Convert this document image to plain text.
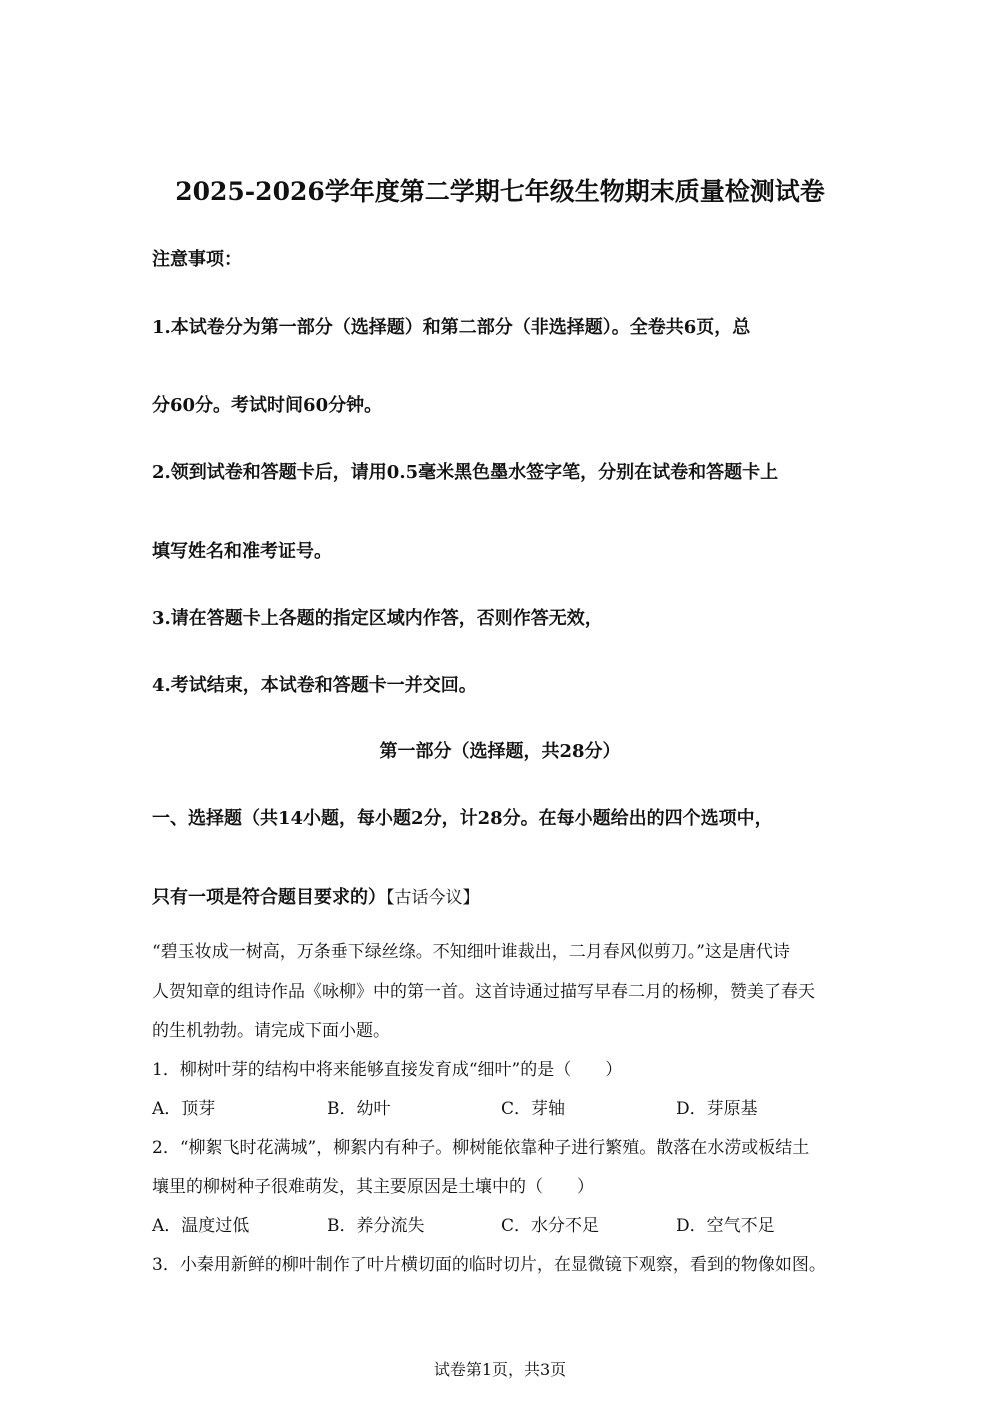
2025-2026学年度第二学期七年级生物期末质量检测试卷
注意事项：
1.本试卷分为第一部分（选择题）和第二部分（非选择题）。全卷共6页，总
分60分。考试时间60分钟。
2.领到试卷和答题卡后，请用0.5毫米黑色墨水签字笔，分别在试卷和答题卡上
填写姓名和准考证号。
3.请在答题卡上各题的指定区域内作答，否则作答无效，
4.考试结束，本试卷和答题卡一并交回。
第一部分（选择题，共28分）
一、选择题（共14小题，每小题2分，计28分。在每小题给出的四个选项中，
只有一项是符合题目要求的）【古话今议】
“碧玉妆成一树高，万条垂下绿丝绦。不知细叶谁裁出，二月春风似剪刀。”这是唐代诗
人贺知章的组诗作品《咏柳》中的第一首。这首诗通过描写早春二月的杨柳，赞美了春天
的生机勃勃。请完成下面小题。
1．柳树叶芽的结构中将来能够直接发育成“细叶”的是（　　）
A．顶芽	B．幼叶	C．芽轴	D．芽原基
2．“柳絮飞时花满城”，柳絮内有种子。柳树能依靠种子进行繁殖。散落在水涝或板结土
壤里的柳树种子很难萌发，其主要原因是土壤中的（　　）
A．温度过低	B．养分流失	C．水分不足	D．空气不足
3．小秦用新鲜的柳叶制作了叶片横切面的临时切片，在显微镜下观察，看到的物像如图。
试卷第1页，共3页
